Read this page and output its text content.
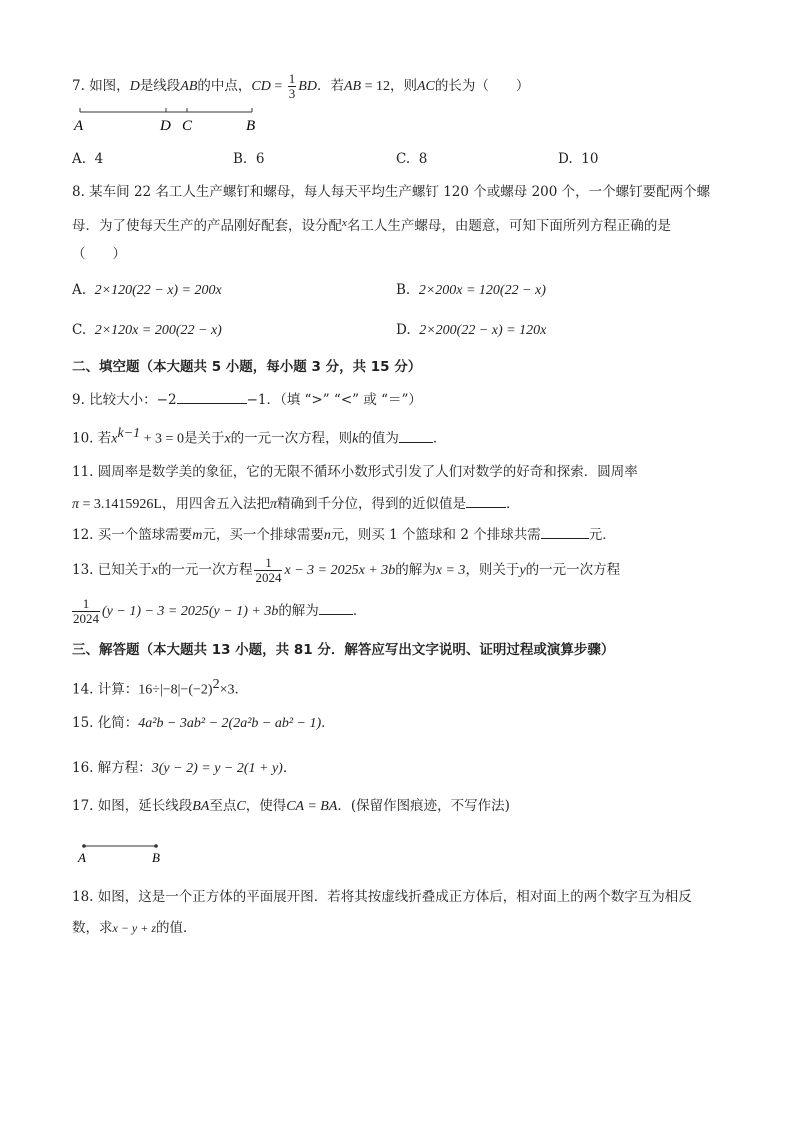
7. 如图，D是线段AB的中点，CD = $\frac{1}{3}$ BD．若AB = 12，则AC的长为（　　）
A	D C	B
A. 4	B. 6	C. 8	D. 10
8. 某车间 22 名工人生产螺钉和螺母，每人每天平均生产螺钉 120 个或螺母 200 个，一个螺钉要配两个螺
母．为了使每天生产的产品刚好配套，设分配$^x$名工人生产螺母，由题意，可知下面所列方程正确的是
（　　）
A. 2×120(22 − x) = 200x	B. 2×200x = 120(22 − x)
C. 2×120x = 200(22 − x)	D. 2×200(22 − x) = 120x
二、填空题（本大题共 5 小题，每小题 3 分，共 15 分）
9. 比较大小：−2	−1．（填 “>” “<” 或 “＝”）
10. 若$x^{k-1} + 3 = 0$是关于x的一元一次方程，则k的值为	．
11. 圆周率是数学美的象征，它的无限不循环小数形式引发了人们对数学的好奇和探索．圆周率
π = 3.1415926L，用四舍五入法把π精确到千分位，得到的近似值是	．
12. 买一个篮球需要m元，买一个排球需要n元，则买 1 个篮球和 2 个排球共需	元．
13. 已知关于x的一元一次方程 $\frac{1}{2024}$ x − 3 = 2025x + 3b的解为x = 3，则关于y的一元一次方程
$\frac{1}{2024} (y - 1) - 3 = 2025(y - 1) + 3b$的解为	．
三、解答题（本大题共 13 小题，共 81 分．解答应写出文字说明、证明过程或演算步骤）
14. 计算：$16\div|-8|-(-2)^2\times 3$．
15. 化简：4a²b − 3ab² − 2(2a²b − ab² − 1)．
16. 解方程：3(y − 2) = y − 2(1 + y)．
17. 如图，延长线段BA至点C，使得CA = BA．(保留作图痕迹，不写作法)
A	B
18. 如图，这是一个正方体的平面展开图．若将其按虚线折叠成正方体后，相对面上的两个数字互为相反
数，求x − y + z的值．
